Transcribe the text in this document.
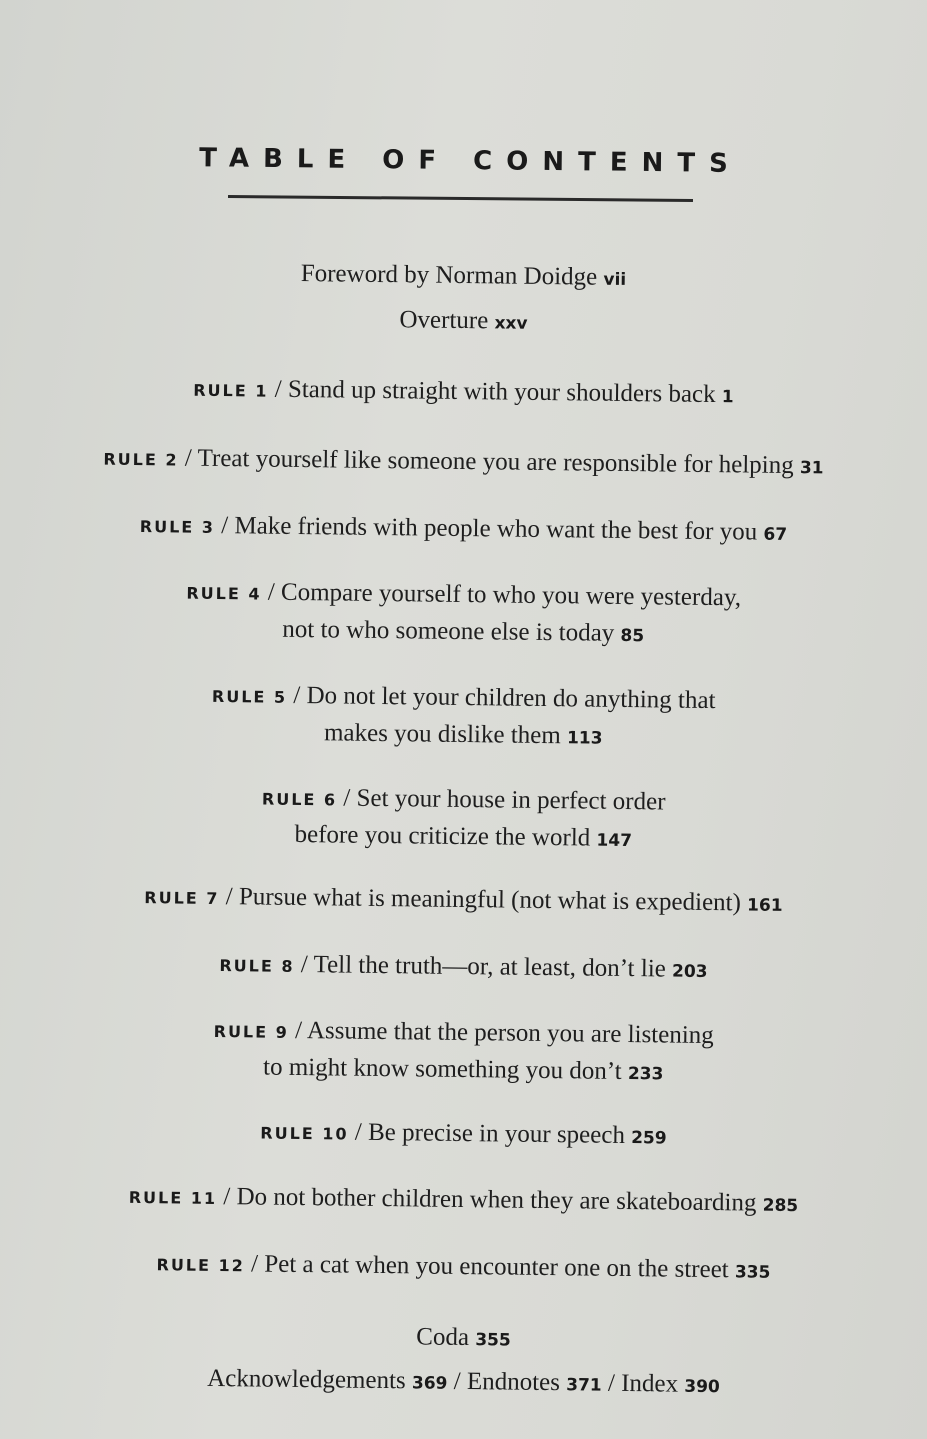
TABLE OF CONTENTS
Foreword by Norman Doidge vii
Overture xxv
RULE 1 / Stand up straight with your shoulders back 1
RULE 2 / Treat yourself like someone you are responsible for helping 31
RULE 3 / Make friends with people who want the best for you 67
RULE 4 / Compare yourself to who you were yesterday,
not to who someone else is today 85
RULE 5 / Do not let your children do anything that
makes you dislike them 113
RULE 6 / Set your house in perfect order
before you criticize the world 147
RULE 7 / Pursue what is meaningful (not what is expedient) 161
RULE 8 / Tell the truth—or, at least, don’t lie 203
RULE 9 / Assume that the person you are listening
to might know something you don’t 233
RULE 10 / Be precise in your speech 259
RULE 11 / Do not bother children when they are skateboarding 285
RULE 12 / Pet a cat when you encounter one on the street 335
Coda 355
Acknowledgements 369 / Endnotes 371 / Index 390
